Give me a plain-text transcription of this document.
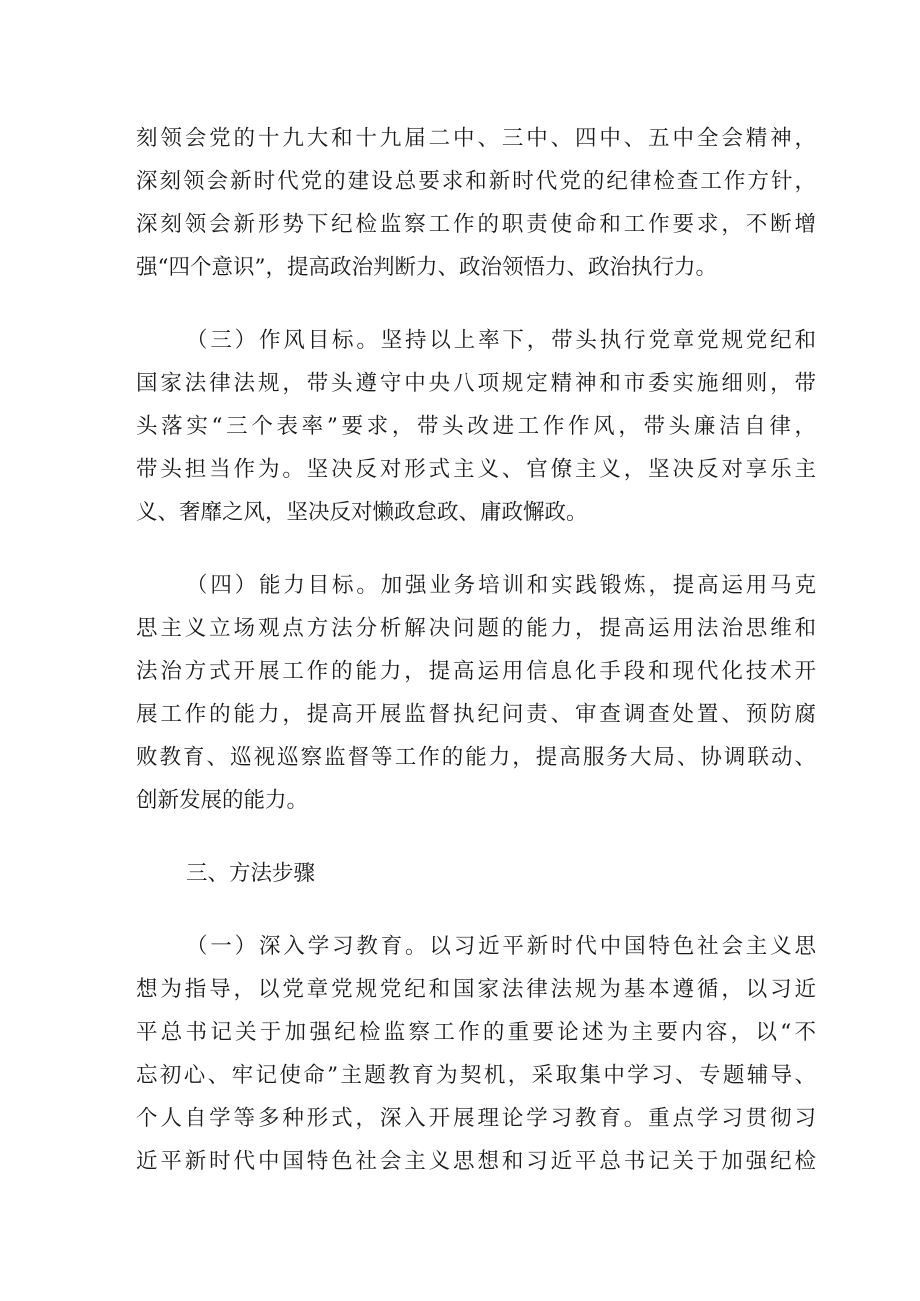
刻领会党的十九大和十九届二中、三中、四中、五中全会精神，
深刻领会新时代党的建设总要求和新时代党的纪律检查工作方针，
深刻领会新形势下纪检监察工作的职责使命和工作要求，不断增
强“四个意识”，提高政治判断力、政治领悟力、政治执行力。
（三）作风目标。坚持以上率下，带头执行党章党规党纪和
国家法律法规，带头遵守中央八项规定精神和市委实施细则，带
头落实“三个表率”要求，带头改进工作作风，带头廉洁自律，
带头担当作为。坚决反对形式主义、官僚主义，坚决反对享乐主
义、奢靡之风，坚决反对懒政怠政、庸政懈政。
（四）能力目标。加强业务培训和实践锻炼，提高运用马克
思主义立场观点方法分析解决问题的能力，提高运用法治思维和
法治方式开展工作的能力，提高运用信息化手段和现代化技术开
展工作的能力，提高开展监督执纪问责、审查调查处置、预防腐
败教育、巡视巡察监督等工作的能力，提高服务大局、协调联动、
创新发展的能力。
三、方法步骤
（一）深入学习教育。以习近平新时代中国特色社会主义思
想为指导，以党章党规党纪和国家法律法规为基本遵循，以习近
平总书记关于加强纪检监察工作的重要论述为主要内容，以“不
忘初心、牢记使命”主题教育为契机，采取集中学习、专题辅导、
个人自学等多种形式，深入开展理论学习教育。重点学习贯彻习
近平新时代中国特色社会主义思想和习近平总书记关于加强纪检
